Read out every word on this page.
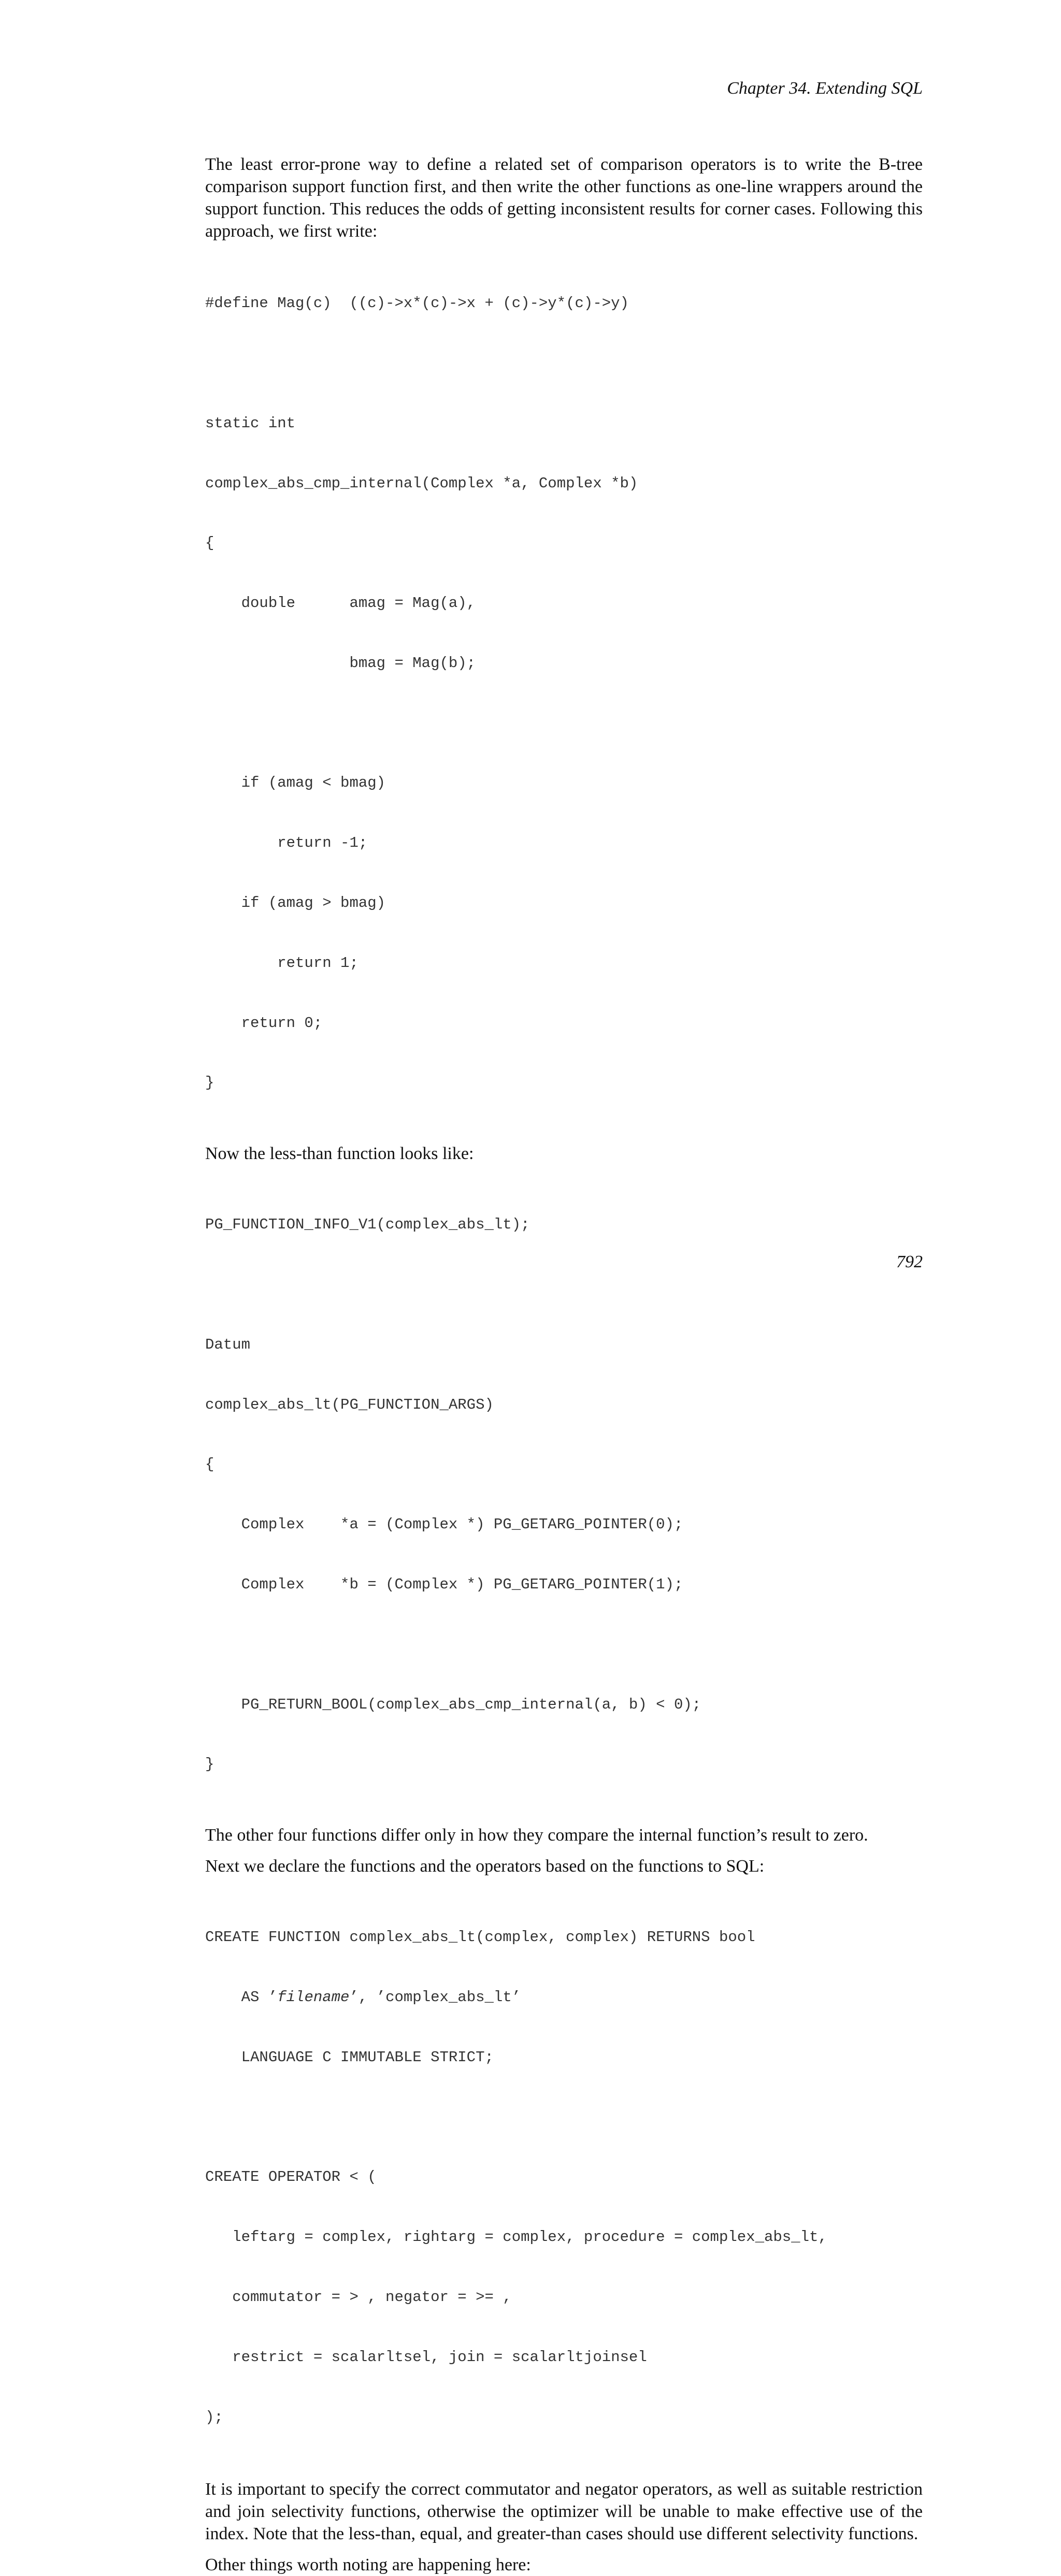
Chapter 34. Extending SQL

The least error-prone way to define a related set of comparison operators is to write the B-tree comparison support function first, and then write the other functions as one-line wrappers around the support function. This reduces the odds of getting inconsistent results for corner cases. Following this approach, we first write:

#define Mag(c)  ((c)->x*(c)->x + (c)->y*(c)->y)

static int

complex_abs_cmp_internal(Complex *a, Complex *b)

{

double      amag = Mag(a),

bmag = Mag(b);

if (amag < bmag)

return -1;

if (amag > bmag)

return 1;

return 0;

}

Now the less-than function looks like:

PG_FUNCTION_INFO_V1(complex_abs_lt);

Datum

complex_abs_lt(PG_FUNCTION_ARGS)

{

Complex    *a = (Complex *) PG_GETARG_POINTER(0);

Complex    *b = (Complex *) PG_GETARG_POINTER(1);

PG_RETURN_BOOL(complex_abs_cmp_internal(a, b) < 0);

}

The other four functions differ only in how they compare the internal function’s result to zero.

Next we declare the functions and the operators based on the functions to SQL:

CREATE FUNCTION complex_abs_lt(complex, complex) RETURNS bool

AS ’filename’, ’complex_abs_lt’

LANGUAGE C IMMUTABLE STRICT;

CREATE OPERATOR < (

leftarg = complex, rightarg = complex, procedure = complex_abs_lt,

commutator = > , negator = >= ,

restrict = scalarltsel, join = scalarltjoinsel

);

It is important to specify the correct commutator and negator operators, as well as suitable restriction and join selectivity functions, otherwise the optimizer will be unable to make effective use of the index. Note that the less-than, equal, and greater-than cases should use different selectivity functions.

Other things worth noting are happening here:

792
